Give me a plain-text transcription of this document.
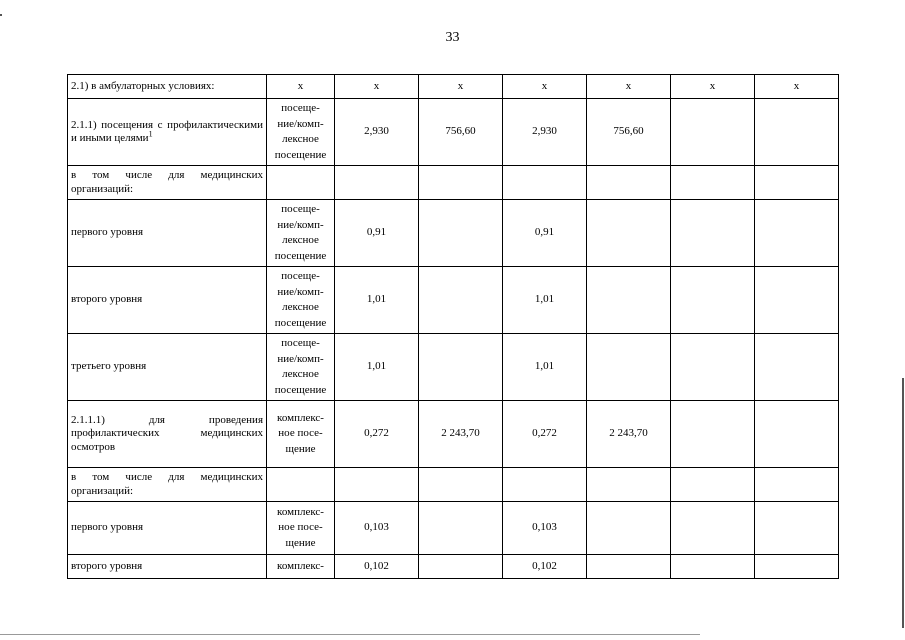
33
2.1) в амбулаторных условиях:	х	х	х	х	х	х	х
2.1.1) посещения с профилактическими и иными целями$^1$	посеще-
ние/комп-
лексное
посещение	2,930	756,60	2,930	756,60		
в том числе для медицинских организаций:							
первого уровня	посеще-
ние/комп-
лексное
посещение	0,91		0,91			
второго уровня	посеще-
ние/комп-
лексное
посещение	1,01		1,01			
третьего уровня	посеще-
ние/комп-
лексное
посещение	1,01		1,01			
2.1.1.1) для проведения профилактических медицинских осмотров	комплекс-
ное посе-
щение	0,272	2 243,70	0,272	2 243,70		
в том числе для медицинских организаций:							
первого уровня	комплекс-
ное посе-
щение	0,103		0,103			
второго уровня	комплекс-	0,102		0,102			
